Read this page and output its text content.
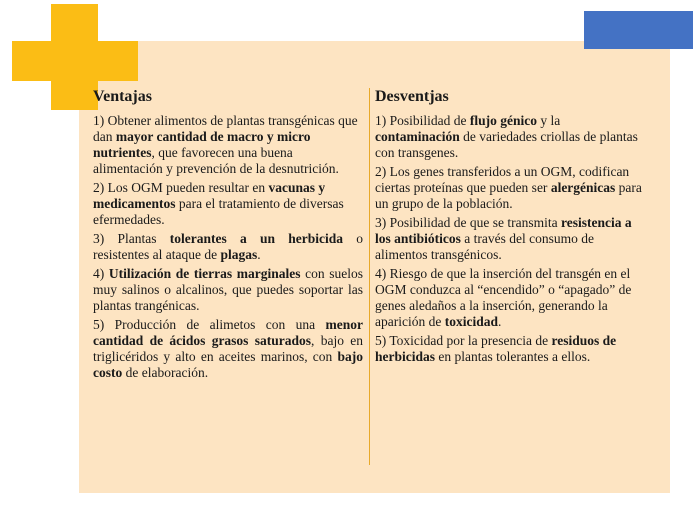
Ventajas
1) Obtener alimentos de plantas transgénicas que dan mayor cantidad de macro y micro nutrientes, que favorecen una buena alimentación y prevención de la desnutrición.
2) Los OGM pueden resultar en vacunas y medicamentos para el tratamiento de diversas efermedades.
3) Plantas tolerantes a un herbicida o resistentes al ataque de plagas.
4) Utilización de tierras marginales con suelos muy salinos o alcalinos, que puedes soportar las plantas trangénicas.
5) Producción de alimetos con una menor cantidad de ácidos grasos saturados, bajo en triglicéridos y alto en aceites marinos, con bajo costo de elaboración.
Desventjas
1) Posibilidad de flujo génico y la contaminación de variedades criollas de plantas con transgenes.
2) Los genes transferidos a un OGM, codifican ciertas proteínas que pueden ser alergénicas para un grupo de la población.
3) Posibilidad de que se transmita resistencia a los antibióticos a través del consumo de alimentos transgénicos.
4) Riesgo de que la inserción del transgén en el OGM conduzca al “encendido” o “apagado” de genes aledaños a la inserción, generando la aparición de toxicidad.
5) Toxicidad por la presencia de residuos de herbicidas en plantas tolerantes a ellos.
